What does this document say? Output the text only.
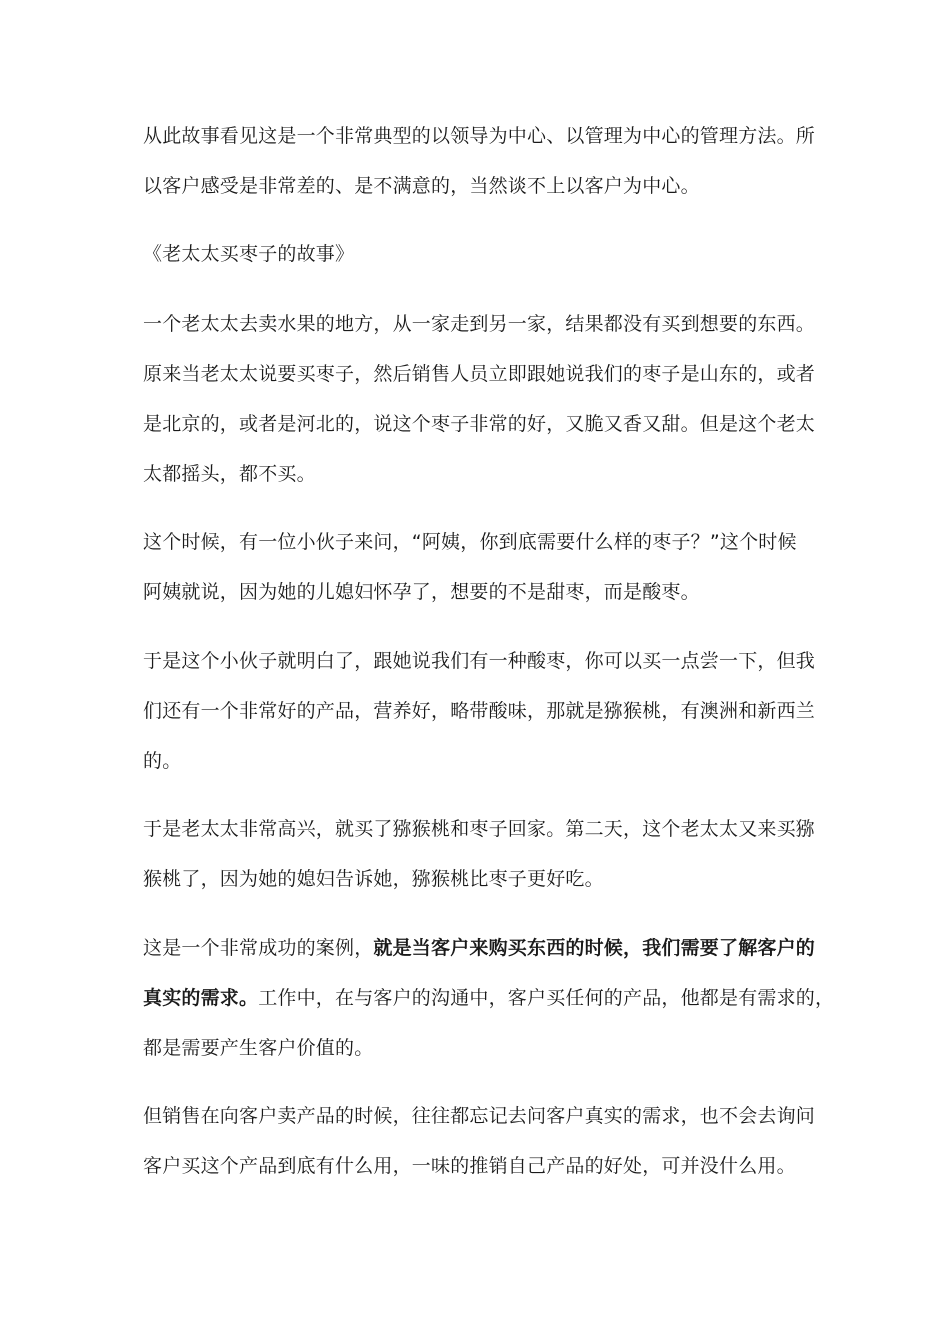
从此故事看见这是一个非常典型的以领导为中心、以管理为中心的管理方法。所

以客户感受是非常差的、是不满意的，当然谈不上以客户为中心。

《老太太买枣子的故事》

一个老太太去卖水果的地方，从一家走到另一家，结果都没有买到想要的东西。

原来当老太太说要买枣子，然后销售人员立即跟她说我们的枣子是山东的，或者

是北京的，或者是河北的，说这个枣子非常的好，又脆又香又甜。但是这个老太

太都摇头，都不买。

这个时候，有一位小伙子来问，“阿姨，你到底需要什么样的枣子？”这个时候

阿姨就说，因为她的儿媳妇怀孕了，想要的不是甜枣，而是酸枣。

于是这个小伙子就明白了，跟她说我们有一种酸枣，你可以买一点尝一下，但我

们还有一个非常好的产品，营养好，略带酸味，那就是猕猴桃，有澳洲和新西兰

的。

于是老太太非常高兴，就买了猕猴桃和枣子回家。第二天，这个老太太又来买猕

猴桃了，因为她的媳妇告诉她，猕猴桃比枣子更好吃。

这是一个非常成功的案例，就是当客户来购买东西的时候，我们需要了解客户的

真实的需求。工作中，在与客户的沟通中，客户买任何的产品，他都是有需求的，

都是需要产生客户价值的。

但销售在向客户卖产品的时候，往往都忘记去问客户真实的需求，也不会去询问

客户买这个产品到底有什么用，一味的推销自己产品的好处，可并没什么用。
